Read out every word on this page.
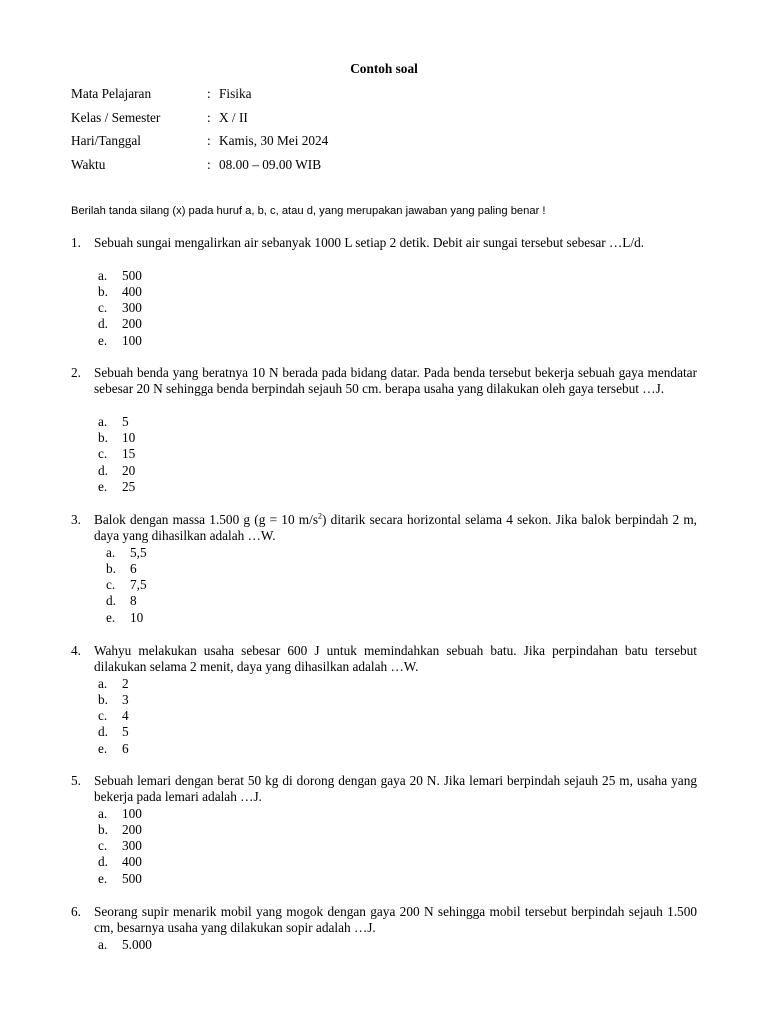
Contoh soal
Mata Pelajaran	: Fisika
Kelas / Semester	: X / II
Hari/Tanggal	: Kamis, 30 Mei 2024
Waktu	: 08.00 – 09.00 WIB
Berilah tanda silang (x) pada huruf a, b, c, atau d, yang merupakan jawaban yang paling benar !
1. Sebuah sungai mengalirkan air sebanyak 1000 L setiap 2 detik. Debit air sungai tersebut sebesar …L/d.
a. 500
b. 400
c. 300
d. 200
e. 100
2. Sebuah benda yang beratnya 10 N berada pada bidang datar. Pada benda tersebut bekerja sebuah gaya mendatar sebesar 20 N sehingga benda berpindah sejauh 50 cm. berapa usaha yang dilakukan oleh gaya tersebut …J.
a. 5
b. 10
c. 15
d. 20
e. 25
3. Balok dengan massa 1.500 g (g = 10 $m/s^2$) ditarik secara horizontal selama 4 sekon. Jika balok berpindah 2 m, daya yang dihasilkan adalah …W.
a. 5,5
b. 6
c. 7,5
d. 8
e. 10
4. Wahyu melakukan usaha sebesar 600 J untuk memindahkan sebuah batu. Jika perpindahan batu tersebut dilakukan selama 2 menit, daya yang dihasilkan adalah …W.
a. 2
b. 3
c. 4
d. 5
e. 6
5. Sebuah lemari dengan berat 50 kg di dorong dengan gaya 20 N. Jika lemari berpindah sejauh 25 m, usaha yang bekerja pada lemari adalah …J.
a. 100
b. 200
c. 300
d. 400
e. 500
6. Seorang supir menarik mobil yang mogok dengan gaya 200 N sehingga mobil tersebut berpindah sejauh 1.500 cm, besarnya usaha yang dilakukan sopir adalah …J.
a. 5.000
